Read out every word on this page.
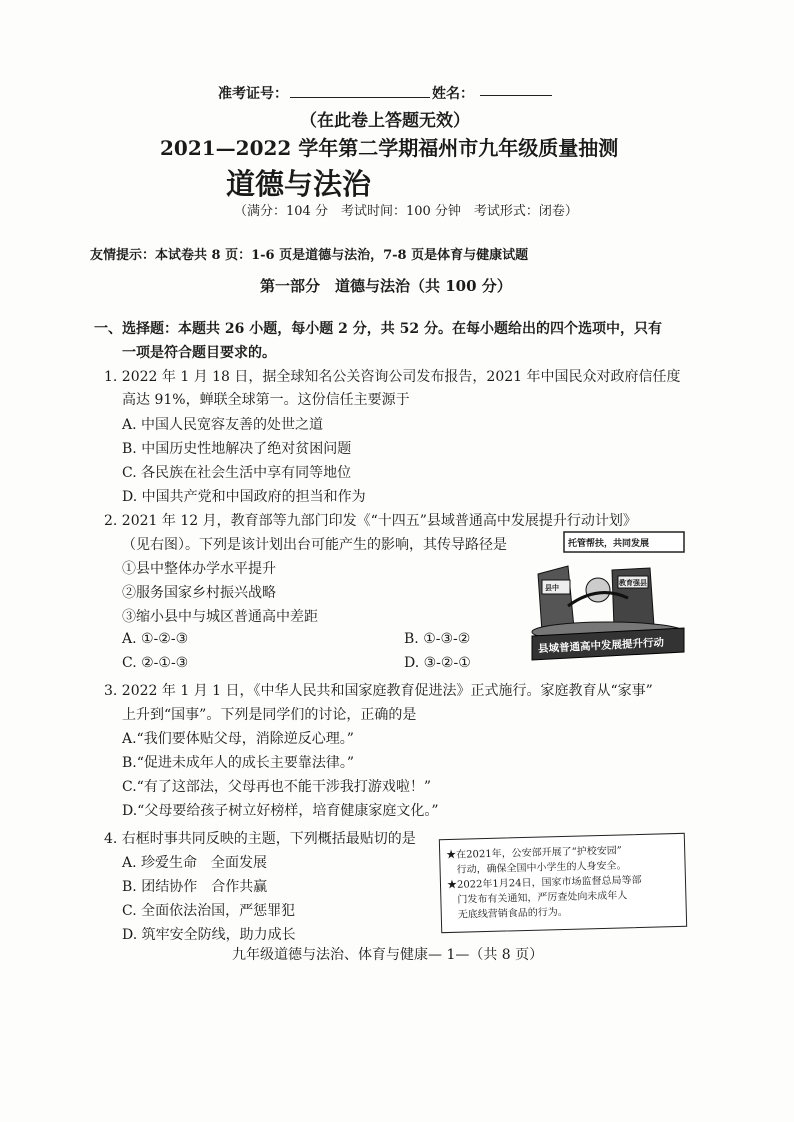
准考证号：	姓名：
（在此卷上答题无效）
2021—2022 学年第二学期福州市九年级质量抽测
道德与法治
（满分：104 分　考试时间：100 分钟　考试形式：闭卷）
友情提示：本试卷共 8 页：1-6 页是道德与法治，7-8 页是体育与健康试题
第一部分　道德与法治（共 100 分）
一、选择题：本题共 26 小题，每小题 2 分，共 52 分。在每小题给出的四个选项中，只有
一项是符合题目要求的。
1. 2022 年 1 月 18 日，据全球知名公关咨询公司发布报告，2021 年中国民众对政府信任度
高达 91%，蝉联全球第一。这份信任主要源于
A. 中国人民宽容友善的处世之道
B. 中国历史性地解决了绝对贫困问题
C. 各民族在社会生活中享有同等地位
D. 中国共产党和中国政府的担当和作为
2. 2021 年 12 月，教育部等九部门印发《“十四五”县域普通高中发展提升行动计划》
（见右图）。下列是该计划出台可能产生的影响，其传导路径是
①县中整体办学水平提升
②服务国家乡村振兴战略
③缩小县中与城区普通高中差距
A. ①-②-③	B. ①-③-②
C. ②-①-③	D. ③-②-①
托管帮扶，共同发展
县中
教育强县
县域普通高中发展提升行动
3. 2022 年 1 月 1 日，《中华人民共和国家庭教育促进法》正式施行。家庭教育从“家事”
上升到“国事”。下列是同学们的讨论，正确的是
A.“我们要体贴父母，消除逆反心理。”
B.“促进未成年人的成长主要靠法律。”
C.“有了这部法，父母再也不能干涉我打游戏啦！”
D.“父母要给孩子树立好榜样，培育健康家庭文化。”
4. 右框时事共同反映的主题，下列概括最贴切的是
A. 珍爱生命　全面发展
B. 团结协作　合作共赢
C. 全面依法治国，严惩罪犯
D. 筑牢安全防线，助力成长
★在2021年，公安部开展了“护校安园”
　行动，确保全国中小学生的人身安全。
★2022年1月24日，国家市场监督总局等部
　门发布有关通知，严厉查处向未成年人
　无底线营销食品的行为。
九年级道德与法治、体育与健康— 1—（共 8 页）
